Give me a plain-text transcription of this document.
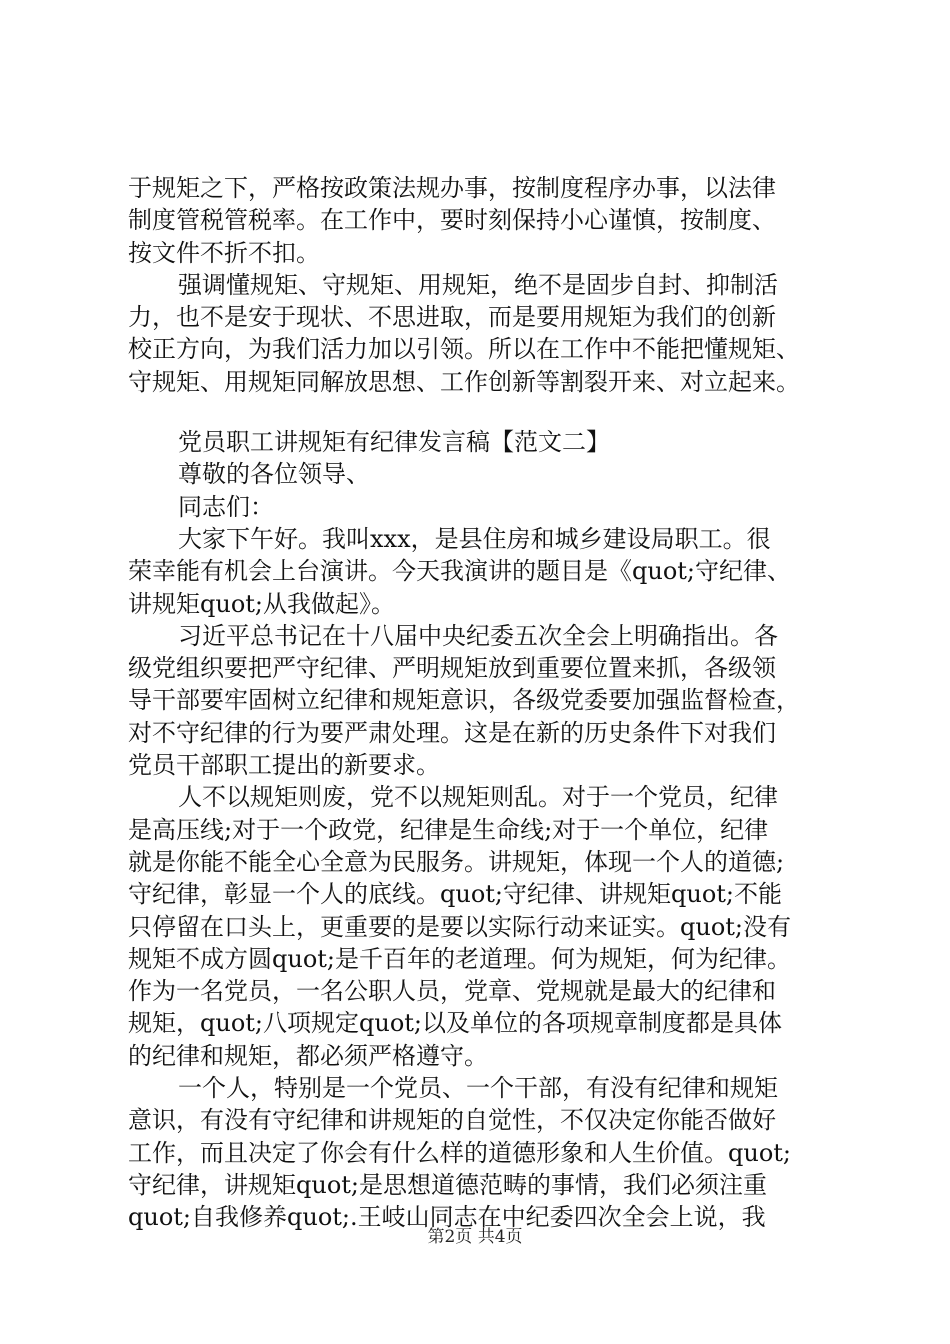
于规矩之下，严格按政策法规办事，按制度程序办事，以法律
制度管税管税率。在工作中，要时刻保持小心谨慎，按制度、
按文件不折不扣。
强调懂规矩、守规矩、用规矩，绝不是固步自封、抑制活
力，也不是安于现状、不思进取，而是要用规矩为我们的创新
校正方向，为我们活力加以引领。所以在工作中不能把懂规矩、
守规矩、用规矩同解放思想、工作创新等割裂开来、对立起来。
党员职工讲规矩有纪律发言稿【范文二】
尊敬的各位领导、
同志们：
大家下午好。我叫xxx，是县住房和城乡建设局职工。很
荣幸能有机会上台演讲。今天我演讲的题目是《quot;守纪律、
讲规矩quot;从我做起》。
习近平总书记在十八届中央纪委五次全会上明确指出。各
级党组织要把严守纪律、严明规矩放到重要位置来抓，各级领
导干部要牢固树立纪律和规矩意识，各级党委要加强监督检查，
对不守纪律的行为要严肃处理。这是在新的历史条件下对我们
党员干部职工提出的新要求。
人不以规矩则废，党不以规矩则乱。对于一个党员，纪律
是高压线;对于一个政党，纪律是生命线;对于一个单位，纪律
就是你能不能全心全意为民服务。讲规矩，体现一个人的道德;
守纪律，彰显一个人的底线。quot;守纪律、讲规矩quot;不能
只停留在口头上，更重要的是要以实际行动来证实。quot;没有
规矩不成方圆quot;是千百年的老道理。何为规矩，何为纪律。
作为一名党员，一名公职人员，党章、党规就是最大的纪律和
规矩，quot;八项规定quot;以及单位的各项规章制度都是具体
的纪律和规矩，都必须严格遵守。
一个人，特别是一个党员、一个干部，有没有纪律和规矩
意识，有没有守纪律和讲规矩的自觉性，不仅决定你能否做好
工作，而且决定了你会有什么样的道德形象和人生价值。quot;
守纪律，讲规矩quot;是思想道德范畴的事情，我们必须注重
quot;自我修养quot;.王岐山同志在中纪委四次全会上说，我
第2页 共4页
